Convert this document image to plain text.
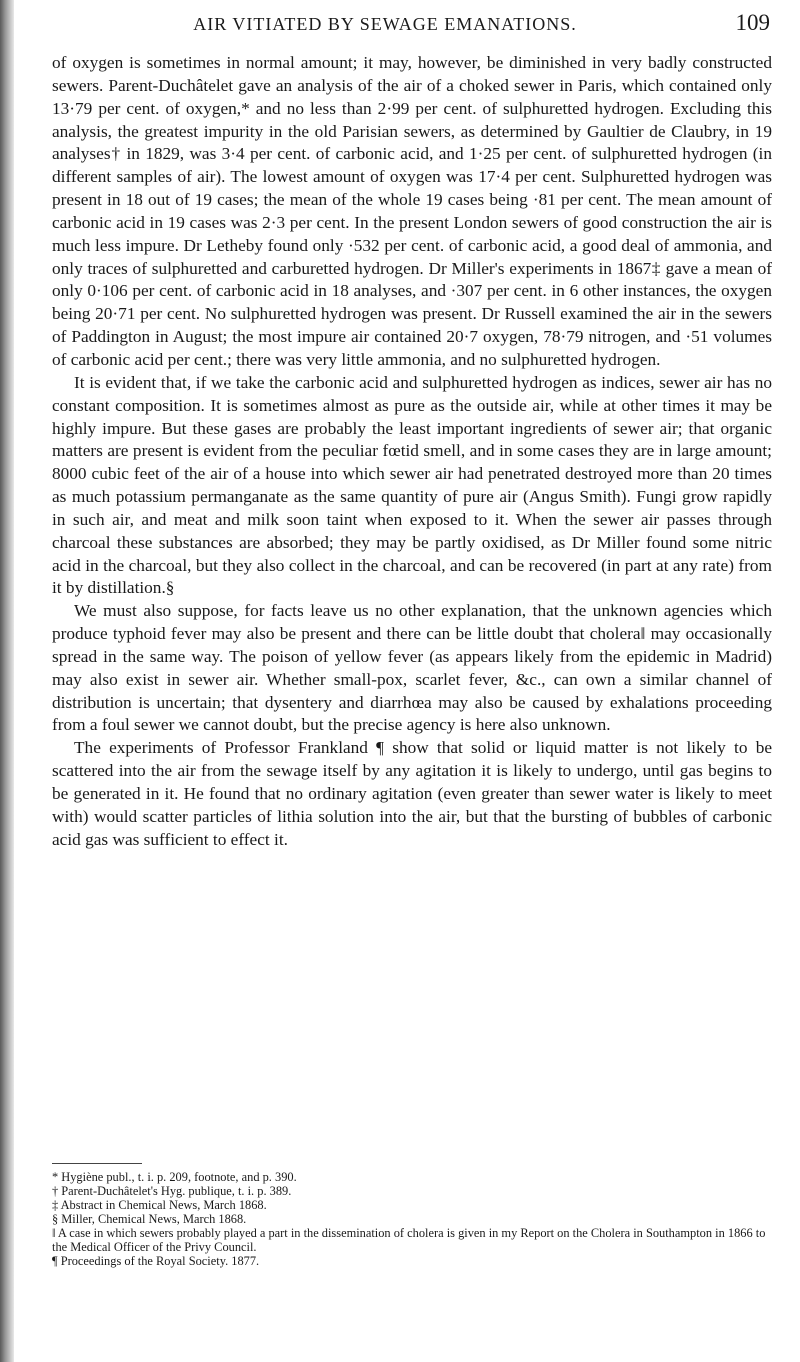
AIR VITIATED BY SEWAGE EMANATIONS.	109

of oxygen is sometimes in normal amount; it may, however, be diminished in very badly constructed sewers. Parent-Duchâtelet gave an analysis of the air of a choked sewer in Paris, which contained only 13·79 per cent. of oxygen,* and no less than 2·99 per cent. of sulphuretted hydrogen. Excluding this analysis, the greatest impurity in the old Parisian sewers, as determined by Gaultier de Claubry, in 19 analyses† in 1829, was 3·4 per cent. of carbonic acid, and 1·25 per cent. of sulphuretted hydrogen (in different samples of air). The lowest amount of oxygen was 17·4 per cent. Sulphuretted hydrogen was present in 18 out of 19 cases; the mean of the whole 19 cases being ·81 per cent. The mean amount of carbonic acid in 19 cases was 2·3 per cent. In the present London sewers of good construction the air is much less impure. Dr Letheby found only ·532 per cent. of carbonic acid, a good deal of ammonia, and only traces of sulphuretted and carburetted hydrogen. Dr Miller's experiments in 1867‡ gave a mean of only 0·106 per cent. of carbonic acid in 18 analyses, and ·307 per cent. in 6 other instances, the oxygen being 20·71 per cent. No sulphuretted hydrogen was present. Dr Russell examined the air in the sewers of Paddington in August; the most impure air contained 20·7 oxygen, 78·79 nitrogen, and ·51 volumes of carbonic acid per cent.; there was very little ammonia, and no sulphuretted hydrogen.

It is evident that, if we take the carbonic acid and sulphuretted hydrogen as indices, sewer air has no constant composition. It is sometimes almost as pure as the outside air, while at other times it may be highly impure. But these gases are probably the least important ingredients of sewer air; that organic matters are present is evident from the peculiar fœtid smell, and in some cases they are in large amount; 8000 cubic feet of the air of a house into which sewer air had penetrated destroyed more than 20 times as much potassium permanganate as the same quantity of pure air (Angus Smith). Fungi grow rapidly in such air, and meat and milk soon taint when exposed to it. When the sewer air passes through charcoal these substances are absorbed; they may be partly oxidised, as Dr Miller found some nitric acid in the charcoal, but they also collect in the charcoal, and can be recovered (in part at any rate) from it by distillation.§

We must also suppose, for facts leave us no other explanation, that the unknown agencies which produce typhoid fever may also be present and there can be little doubt that cholera‖ may occasionally spread in the same way. The poison of yellow fever (as appears likely from the epidemic in Madrid) may also exist in sewer air. Whether small-pox, scarlet fever, &c., can own a similar channel of distribution is uncertain; that dysentery and diarrhœa may also be caused by exhalations proceeding from a foul sewer we cannot doubt, but the precise agency is here also unknown.

The experiments of Professor Frankland ¶ show that solid or liquid matter is not likely to be scattered into the air from the sewage itself by any agitation it is likely to undergo, until gas begins to be generated in it. He found that no ordinary agitation (even greater than sewer water is likely to meet with) would scatter particles of lithia solution into the air, but that the bursting of bubbles of carbonic acid gas was sufficient to effect it.

* Hygiène publ., t. i. p. 209, footnote, and p. 390.
† Parent-Duchâtelet's Hyg. publique, t. i. p. 389.
‡ Abstract in Chemical News, March 1868.
§ Miller, Chemical News, March 1868.
‖ A case in which sewers probably played a part in the dissemination of cholera is given in my Report on the Cholera in Southampton in 1866 to the Medical Officer of the Privy Council.
¶ Proceedings of the Royal Society. 1877.
